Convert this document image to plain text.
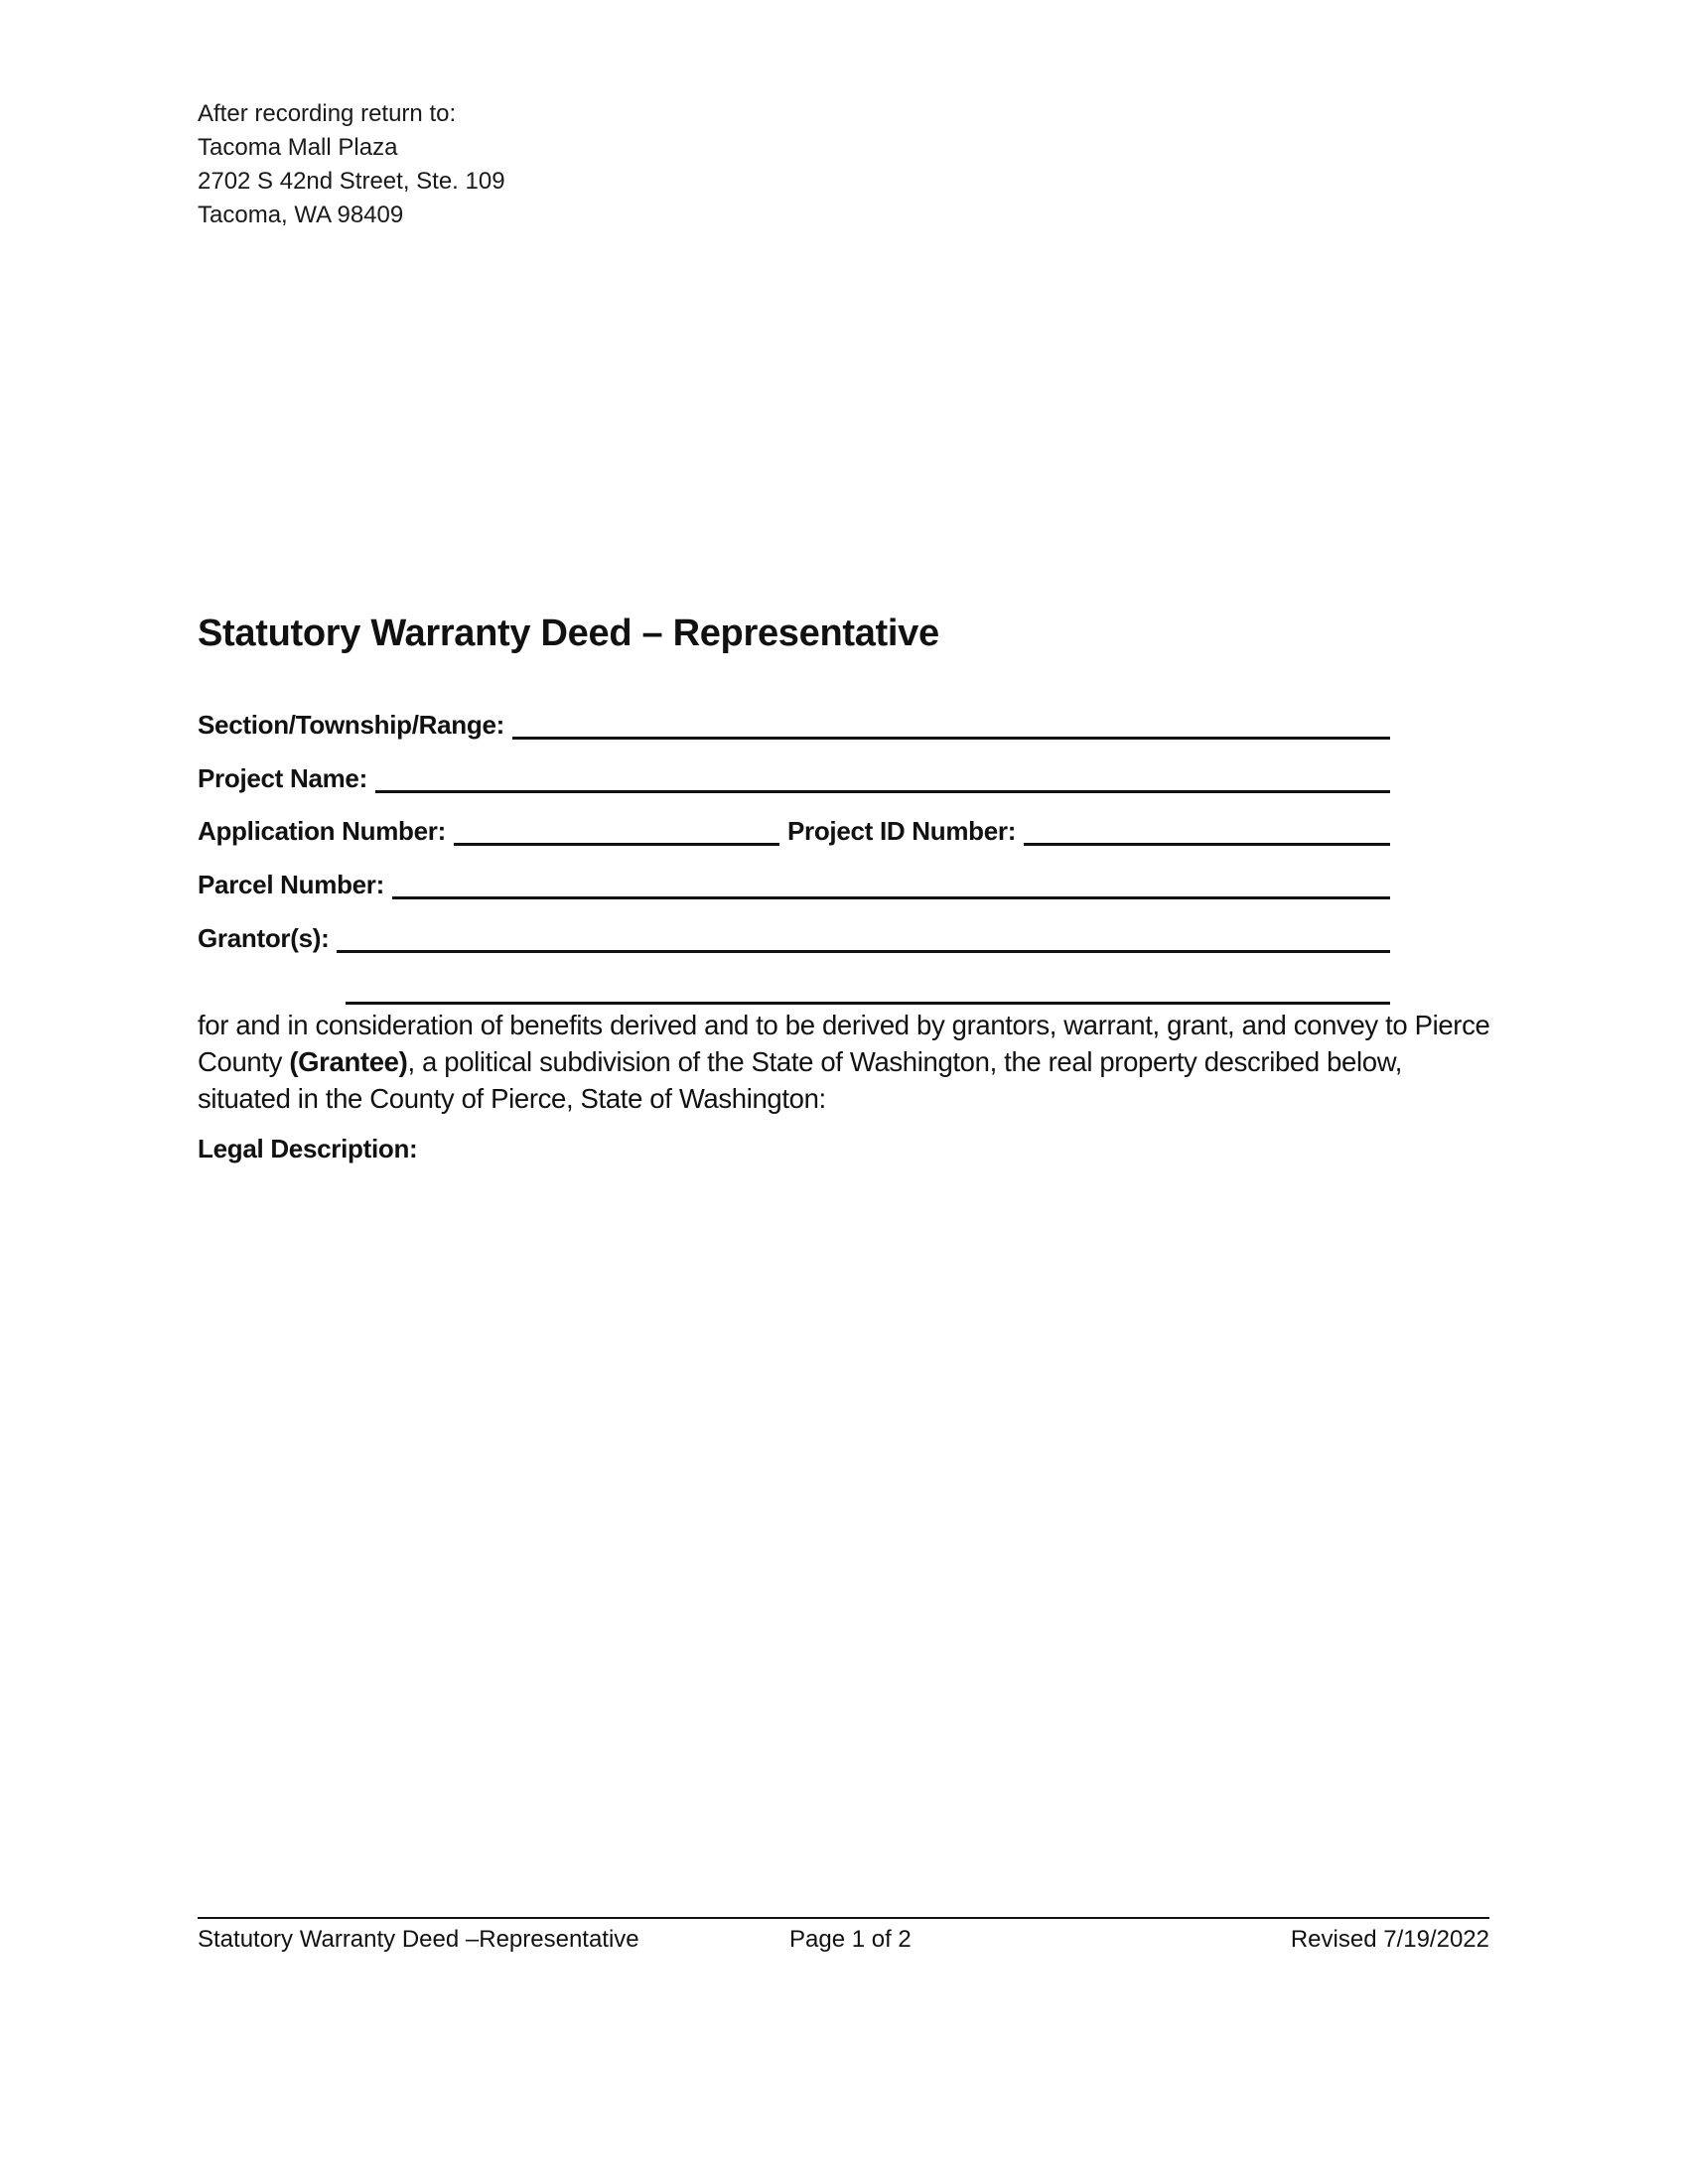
After recording return to:
Tacoma Mall Plaza
2702 S 42nd Street, Ste. 109
Tacoma, WA 98409
Statutory Warranty Deed – Representative
Section/Township/Range:
Project Name:
Application Number:	Project ID Number:
Parcel Number:
Grantor(s):

for and in consideration of benefits derived and to be derived by grantors, warrant, grant, and convey to Pierce County (Grantee), a political subdivision of the State of Washington, the real property described below, situated in the County of Pierce, State of Washington:

Legal Description:
Statutory Warranty Deed –Representative	Page 1 of 2	Revised 7/19/2022
